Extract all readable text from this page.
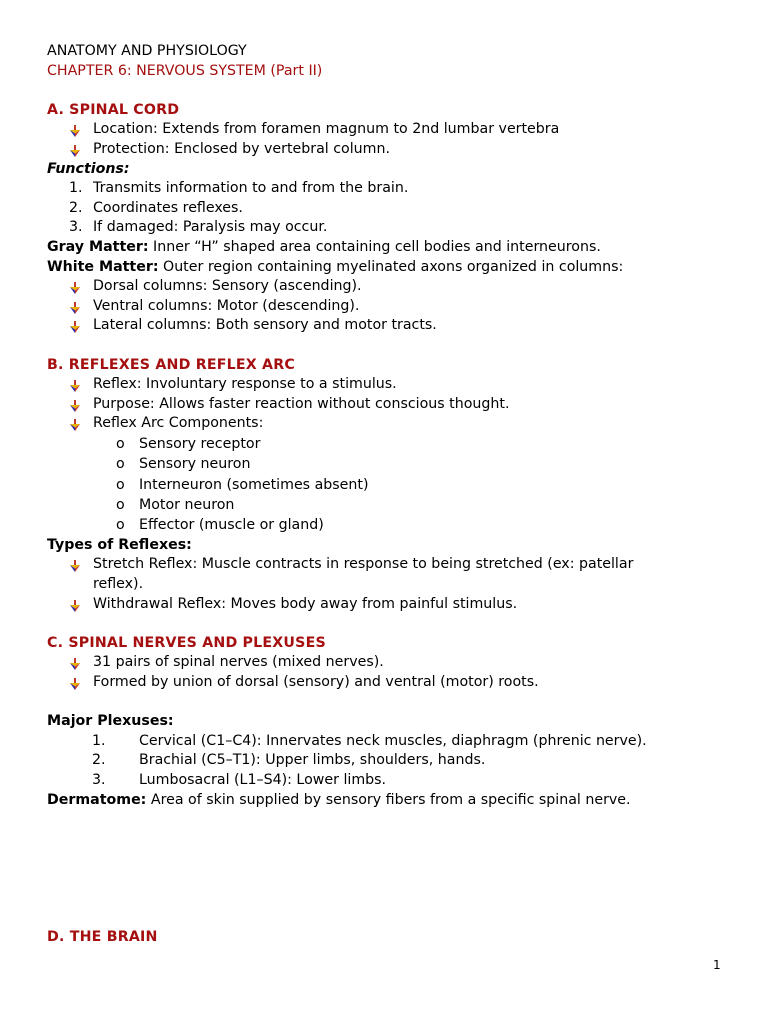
ANATOMY AND PHYSIOLOGY
CHAPTER 6: NERVOUS SYSTEM (Part II)
A. SPINAL CORD
Location: Extends from foramen magnum to 2nd lumbar vertebra
Protection: Enclosed by vertebral column.
Functions:
1. Transmits information to and from the brain.
2. Coordinates reflexes.
3. If damaged: Paralysis may occur.
Gray Matter: Inner “H” shaped area containing cell bodies and interneurons.
White Matter: Outer region containing myelinated axons organized in columns:
Dorsal columns: Sensory (ascending).
Ventral columns: Motor (descending).
Lateral columns: Both sensory and motor tracts.
B. REFLEXES AND REFLEX ARC
Reflex: Involuntary response to a stimulus.
Purpose: Allows faster reaction without conscious thought.
Reflex Arc Components:
o Sensory receptor
o Sensory neuron
o Interneuron (sometimes absent)
o Motor neuron
o Effector (muscle or gland)
Types of Reflexes:
Stretch Reflex: Muscle contracts in response to being stretched (ex: patellar
reflex).
Withdrawal Reflex: Moves body away from painful stimulus.
C. SPINAL NERVES AND PLEXUSES
31 pairs of spinal nerves (mixed nerves).
Formed by union of dorsal (sensory) and ventral (motor) roots.
Major Plexuses:
1. Cervical (C1–C4): Innervates neck muscles, diaphragm (phrenic nerve).
2. Brachial (C5–T1): Upper limbs, shoulders, hands.
3. Lumbosacral (L1–S4): Lower limbs.
Dermatome: Area of skin supplied by sensory fibers from a specific spinal nerve.
D. THE BRAIN
1
